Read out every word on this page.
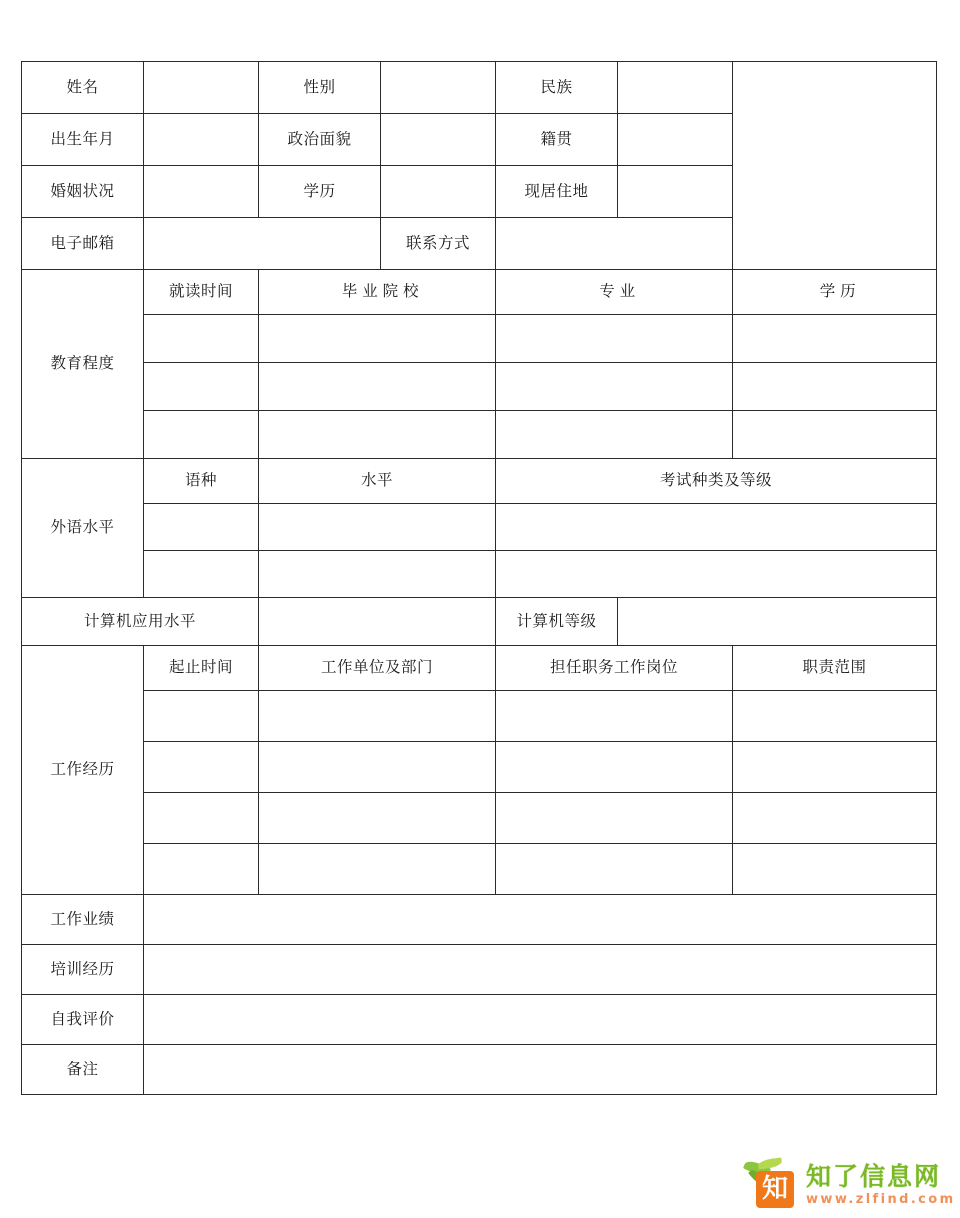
姓名		性别		民族		
出生年月		政治面貌		籍贯		
婚姻状况		学历		现居住地		
电子邮箱			联系方式			
教育程度	就读时间	毕 业 院 校		专 业		学 历

外语水平	语种	水平		考试种类及等级		

计算机应用水平				计算机等级		
工作经历	起止时间	工作单位及部门		担任职务工作岗位		职责范围

工作业绩						
培训经历						
自我评价						
备注						
知 知了信息网
www.zlfind.com
